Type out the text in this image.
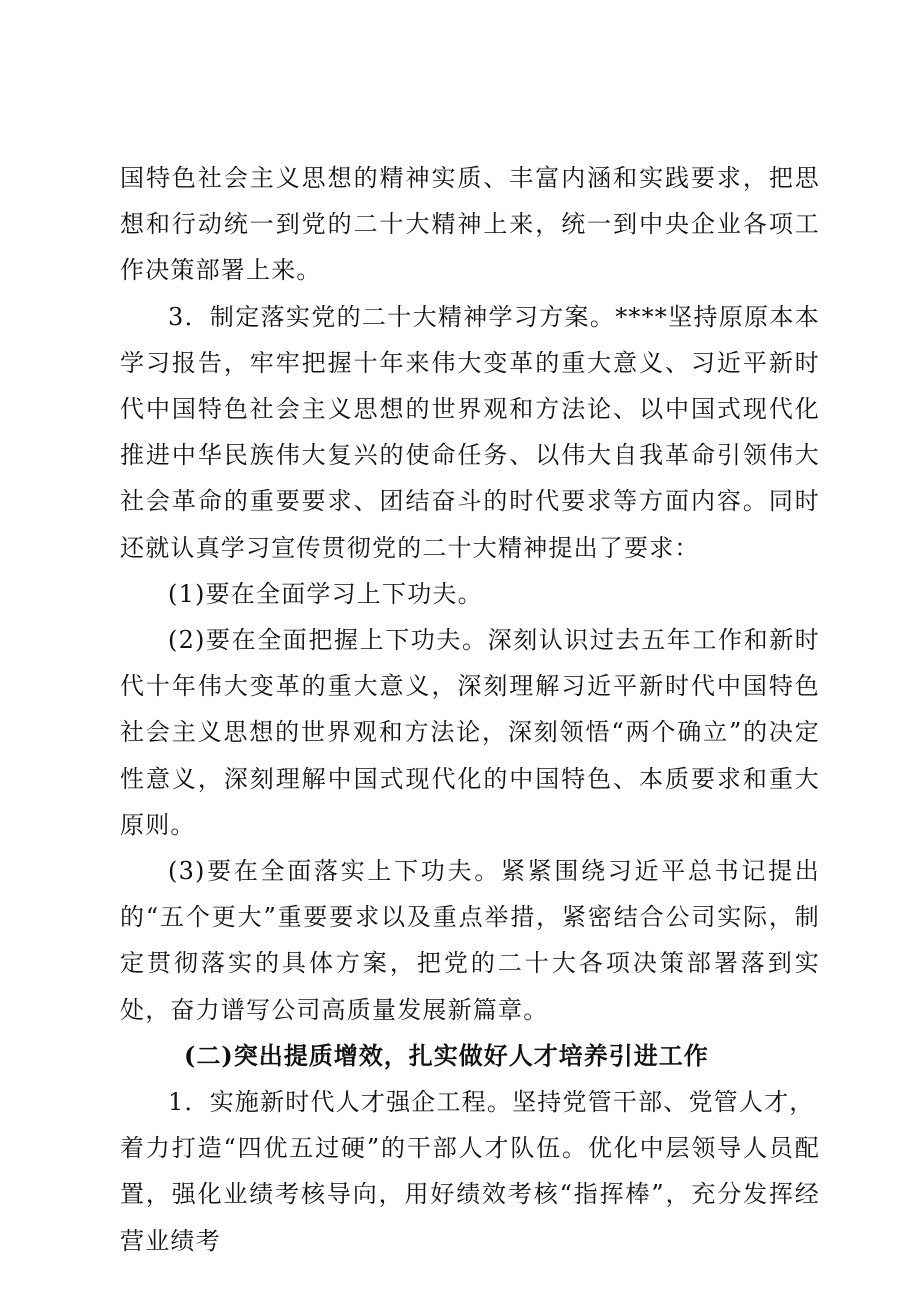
国特色社会主义思想的精神实质、丰富内涵和实践要求，把思想和行动统一到党的二十大精神上来，统一到中央企业各项工作决策部署上来。

3．制定落实党的二十大精神学习方案。****坚持原原本本学习报告，牢牢把握十年来伟大变革的重大意义、习近平新时代中国特色社会主义思想的世界观和方法论、以中国式现代化推进中华民族伟大复兴的使命任务、以伟大自我革命引领伟大社会革命的重要要求、团结奋斗的时代要求等方面内容。同时还就认真学习宣传贯彻党的二十大精神提出了要求：

(1)要在全面学习上下功夫。

(2)要在全面把握上下功夫。深刻认识过去五年工作和新时代十年伟大变革的重大意义，深刻理解习近平新时代中国特色社会主义思想的世界观和方法论，深刻领悟“两个确立”的决定性意义，深刻理解中国式现代化的中国特色、本质要求和重大原则。

(3)要在全面落实上下功夫。紧紧围绕习近平总书记提出的“五个更大”重要要求以及重点举措，紧密结合公司实际，制定贯彻落实的具体方案，把党的二十大各项决策部署落到实处，奋力谱写公司高质量发展新篇章。

(二)突出提质增效，扎实做好人才培养引进工作

1．实施新时代人才强企工程。坚持党管干部、党管人才，

着力打造“四优五过硬”的干部人才队伍。优化中层领导人员配置，强化业绩考核导向，用好绩效考核“指挥棒”，充分发挥经营业绩考
